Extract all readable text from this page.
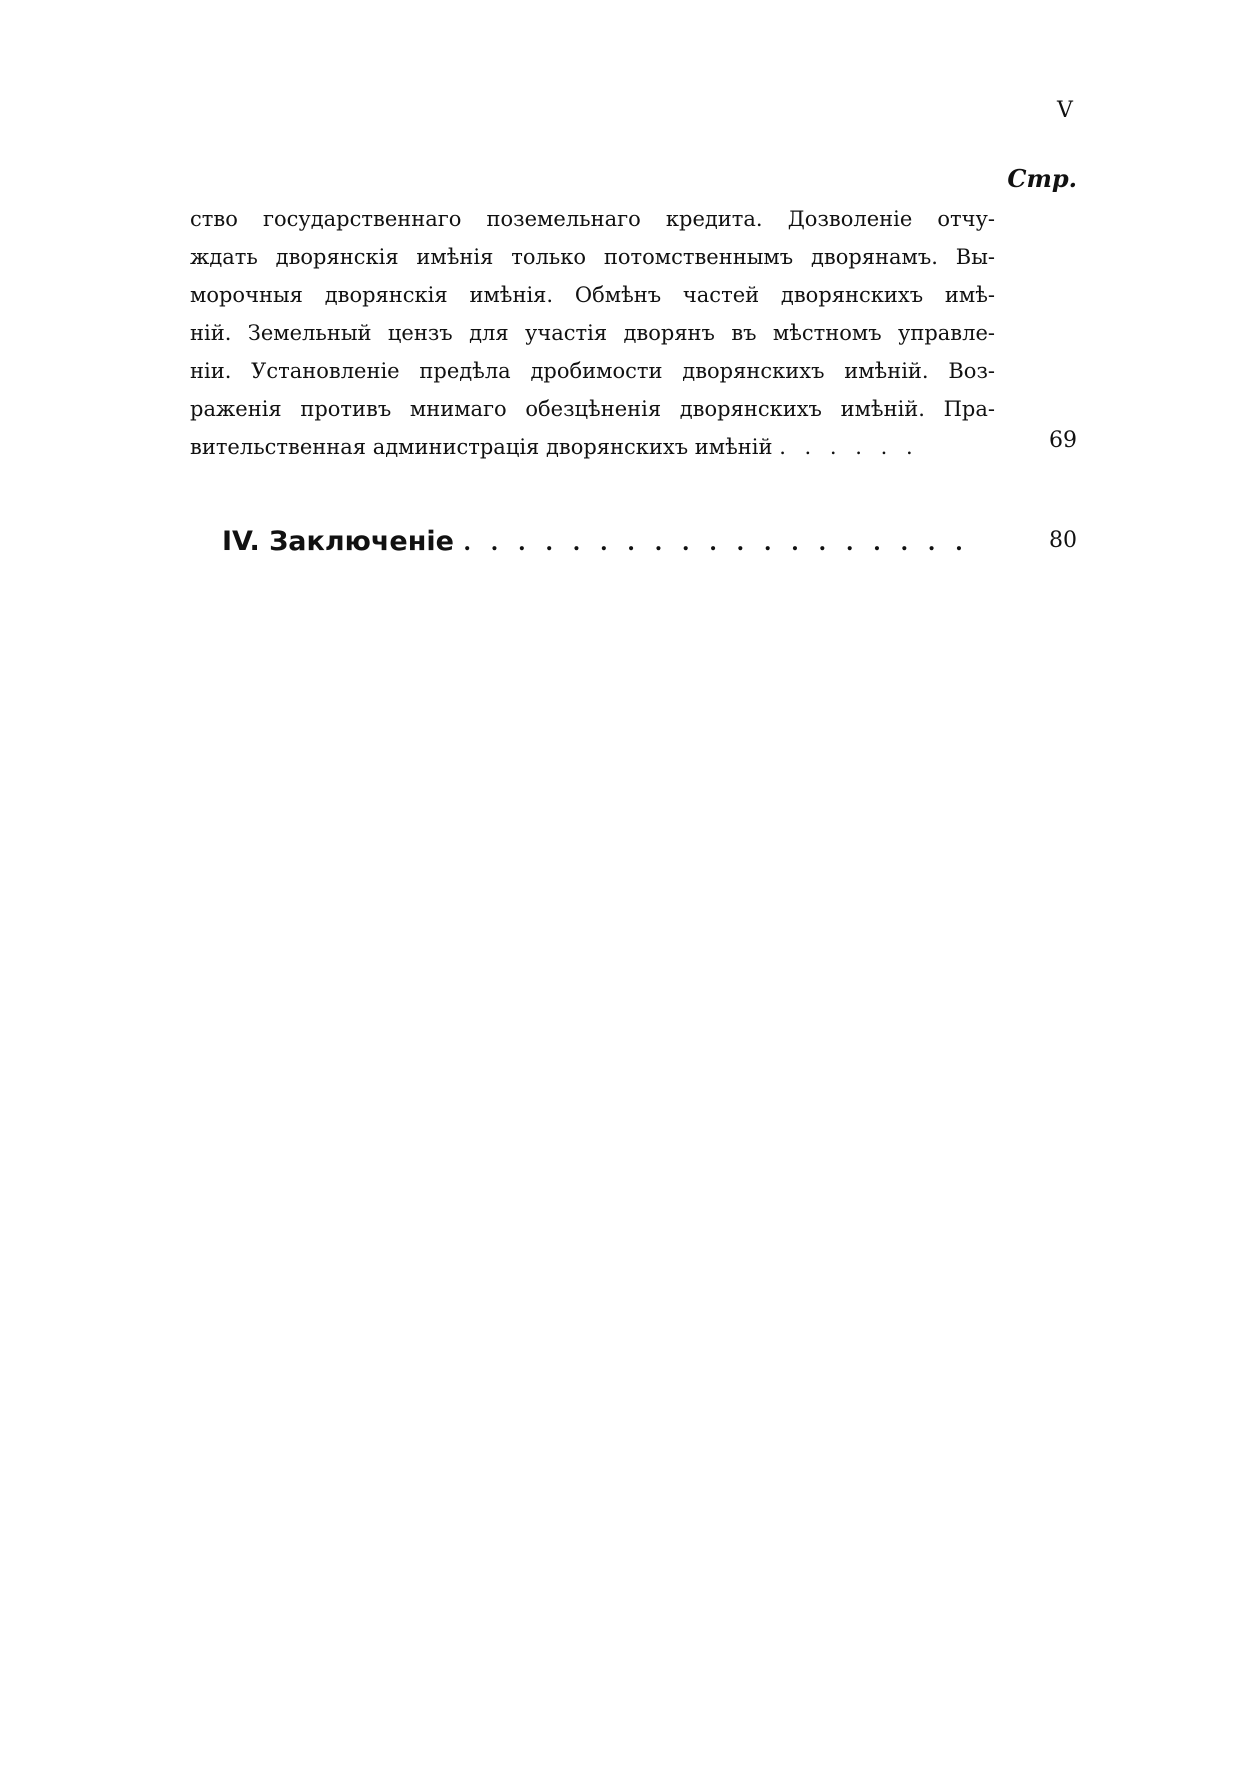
V
Стр.
ство государственнаго поземельнаго кредита. Дозволеніе отчу-
ждать дворянскія имѣнія только потомственнымъ дворянамъ. Вы-
морочныя дворянскія имѣнія. Обмѣнъ частей дворянскихъ имѣ-
ній. Земельный цензъ для участія дворянъ въ мѣстномъ управле-
ніи. Установленіе предѣла дробимости дворянскихъ имѣній. Воз-
раженія противъ мнимаго обезцѣненія дворянскихъ имѣній. Пра-
вительственная администрація дворянскихъ имѣній . . . . . .	69
IV. Заключеніе . . . . . . . . . . . . . . . . . . .	80
